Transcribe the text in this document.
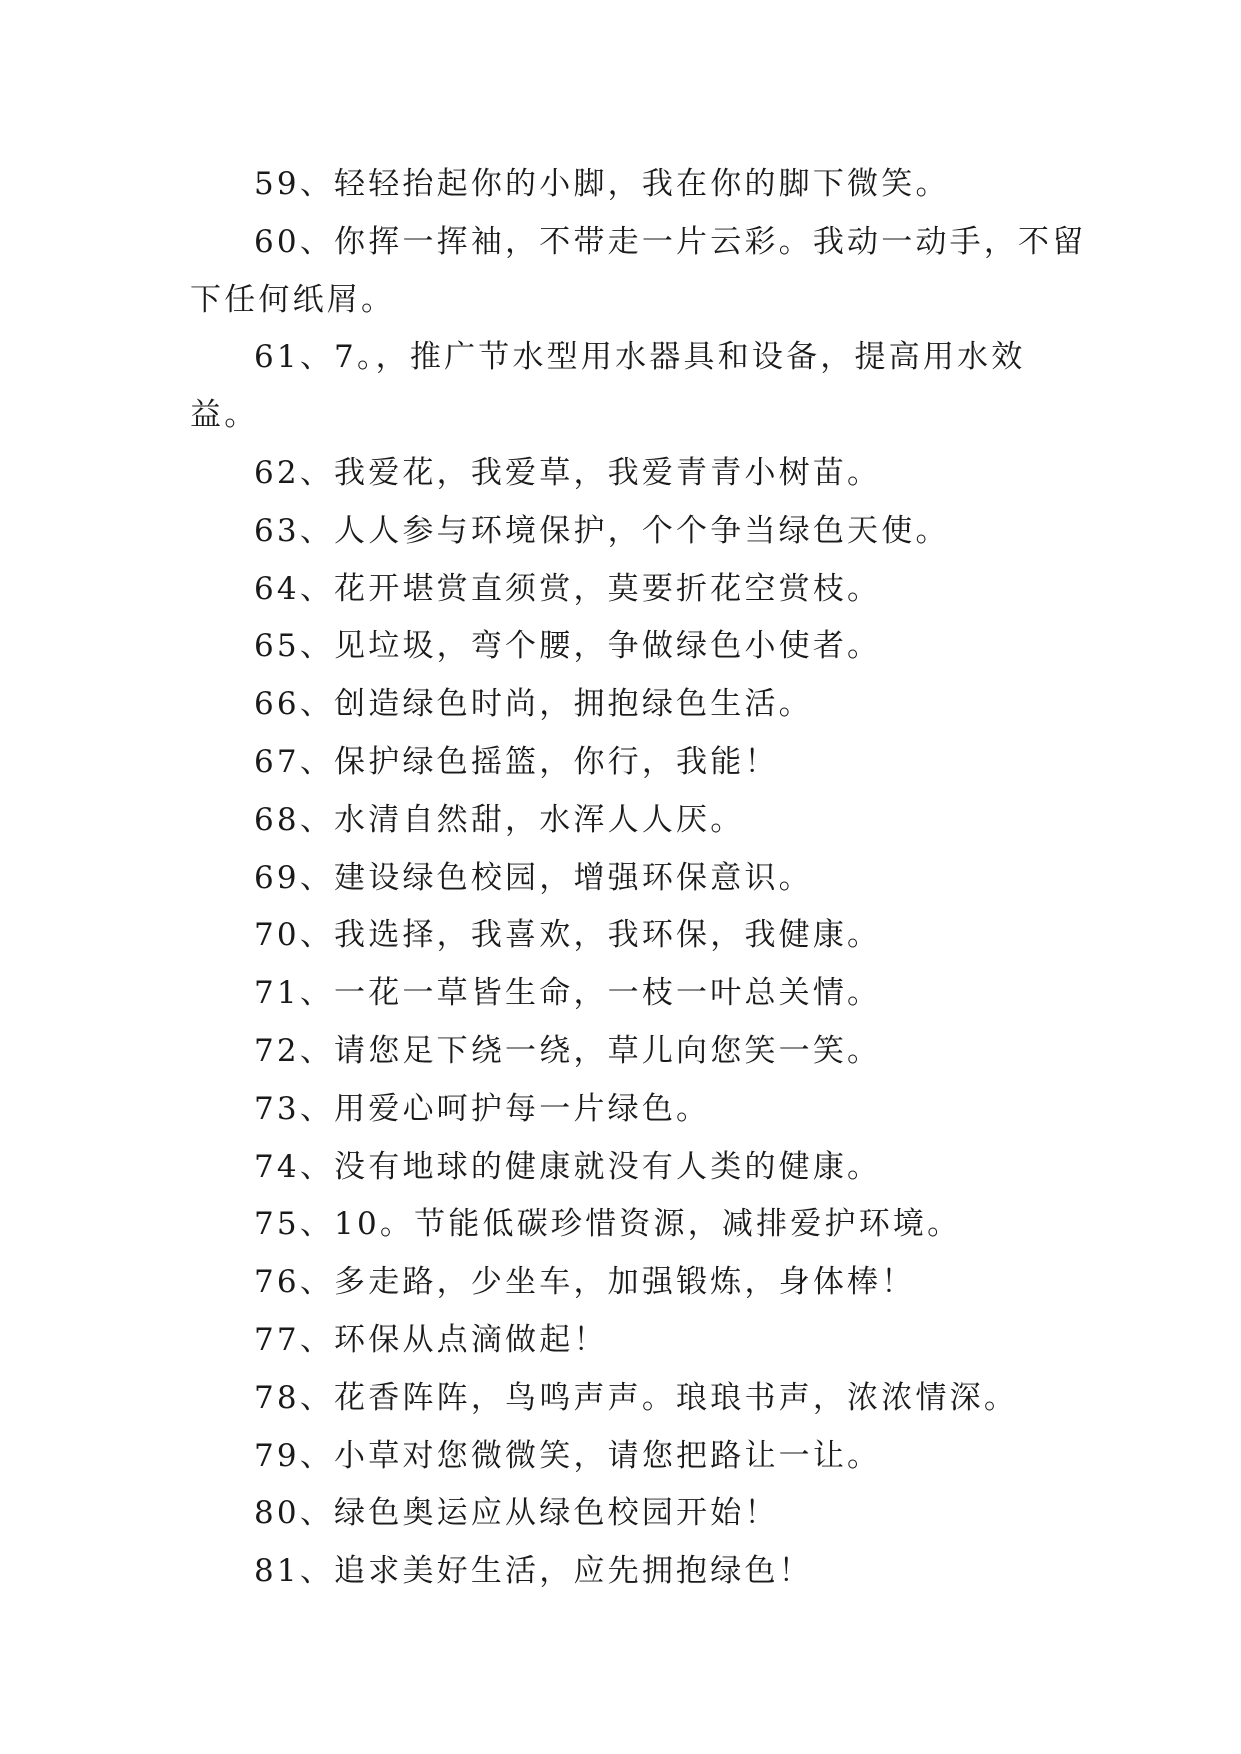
59、轻轻抬起你的小脚，我在你的脚下微笑。

60、你挥一挥袖，不带走一片云彩。我动一动手，不留下任何纸屑。

61、7。，推广节水型用水器具和设备，提高用水效益。

62、我爱花，我爱草，我爱青青小树苗。

63、人人参与环境保护，个个争当绿色天使。

64、花开堪赏直须赏，莫要折花空赏枝。

65、见垃圾，弯个腰，争做绿色小使者。

66、创造绿色时尚，拥抱绿色生活。

67、保护绿色摇篮，你行，我能！

68、水清自然甜，水浑人人厌。

69、建设绿色校园，增强环保意识。

70、我选择，我喜欢，我环保，我健康。

71、一花一草皆生命，一枝一叶总关情。

72、请您足下绕一绕，草儿向您笑一笑。

73、用爱心呵护每一片绿色。

74、没有地球的健康就没有人类的健康。

75、10。节能低碳珍惜资源，减排爱护环境。

76、多走路，少坐车，加强锻炼，身体棒！

77、环保从点滴做起！

78、花香阵阵，鸟鸣声声。琅琅书声，浓浓情深。

79、小草对您微微笑，请您把路让一让。

80、绿色奥运应从绿色校园开始！

81、追求美好生活，应先拥抱绿色！
